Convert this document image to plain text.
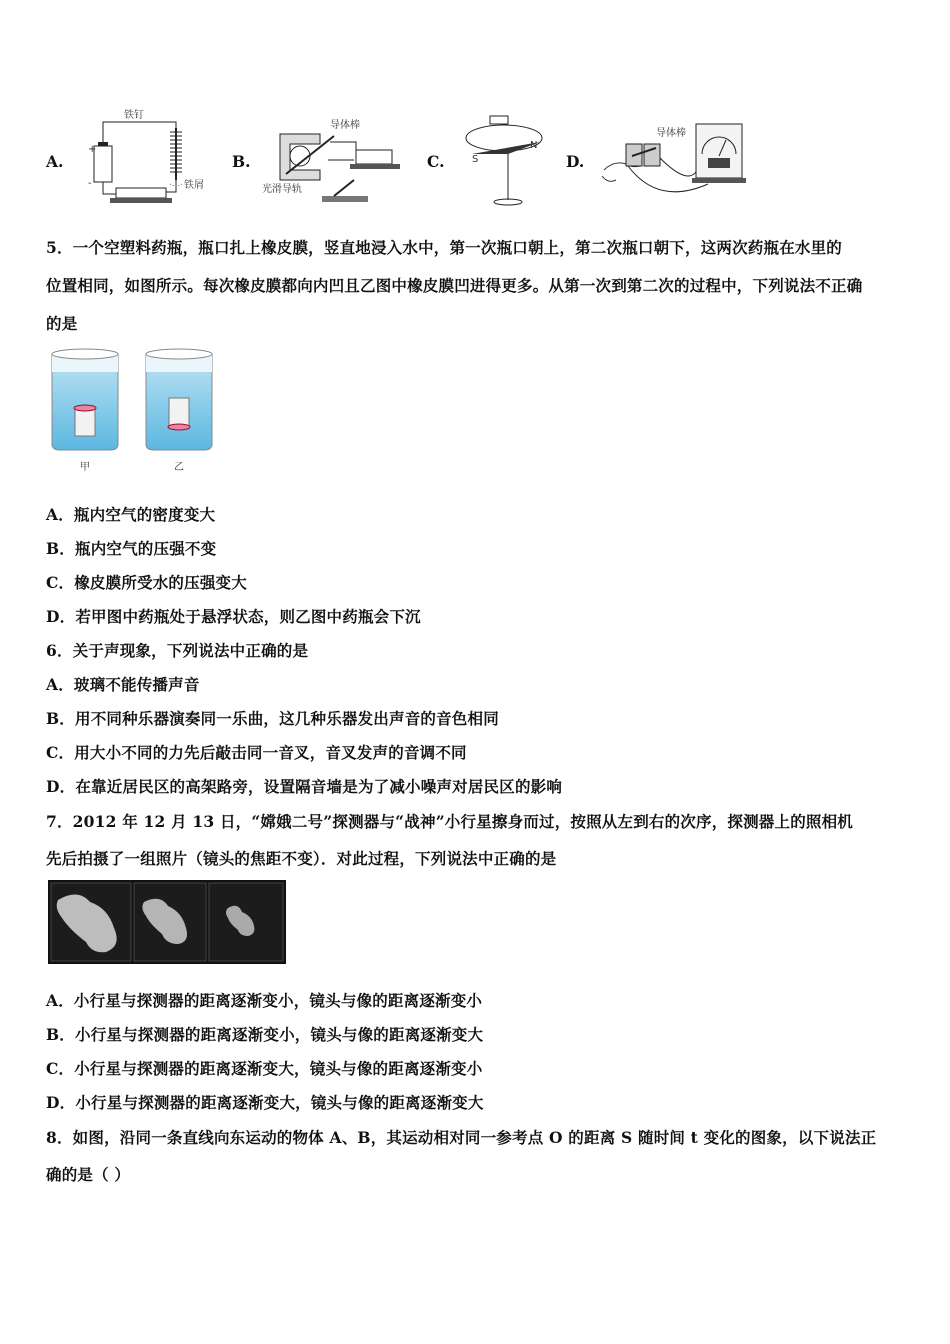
A.
+
-
铁钉
铁屑
B.
导体棒
光滑导轨
C.
N
S	D.
导体棒
5．一个空塑料药瓶，瓶口扎上橡皮膜，竖直地浸入水中，第一次瓶口朝上，第二次瓶口朝下，这两次药瓶在水里的
位置相同，如图所示。每次橡皮膜都向内凹且乙图中橡皮膜凹进得更多。从第一次到第二次的过程中，下列说法不正确
的是
甲	乙
A．瓶内空气的密度变大
B．瓶内空气的压强不变
C．橡皮膜所受水的压强变大
D．若甲图中药瓶处于悬浮状态，则乙图中药瓶会下沉
6．关于声现象，下列说法中正确的是
A．玻璃不能传播声音
B．用不同种乐器演奏同一乐曲，这几种乐器发出声音的音色相同
C．用大小不同的力先后敲击同一音叉，音叉发声的音调不同
D．在靠近居民区的高架路旁，设置隔音墙是为了减小噪声对居民区的影响
7．2012 年 12 月 13 日，“嫦娥二号”探测器与“战神”小行星擦身而过，按照从左到右的次序，探测器上的照相机
先后拍摄了一组照片（镜头的焦距不变）．对此过程，下列说法中正确的是
A．小行星与探测器的距离逐渐变小，镜头与像的距离逐渐变小
B．小行星与探测器的距离逐渐变小，镜头与像的距离逐渐变大
C．小行星与探测器的距离逐渐变大，镜头与像的距离逐渐变小
D．小行星与探测器的距离逐渐变大，镜头与像的距离逐渐变大
8．如图，沿同一条直线向东运动的物体 A、B，其运动相对同一参考点 O 的距离 S 随时间 t 变化的图象，以下说法正
确的是（ ）
